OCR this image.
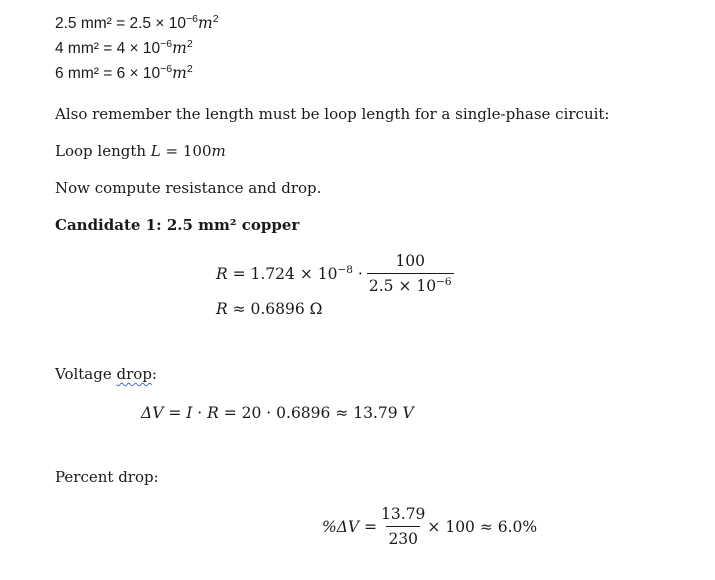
2.5 $mm^2 = 2.5 \times 10^{-6}m^2$
4 $mm^2 = 4 \times 10^{-6}m^2$
6 $mm^2 = 6 \times 10^{-6}m^2$
Also remember the length must be loop length for a single-phase circuit:
Loop length L = 100m
Now compute resistance and drop.
Candidate 1: 2.5 mm² copper
$R = 1.724 \times 10^{-8} \cdot \frac{100}{2.5 \times 10^{-6}}$
R ≈ 0.6896 Ω
Voltage drop:
ΔV = I · R = 20 · 0.6896 ≈ 13.79 V
Percent drop:
$\%\Delta V = \frac{13.79}{230} \times 100 \approx 6.0\%$
